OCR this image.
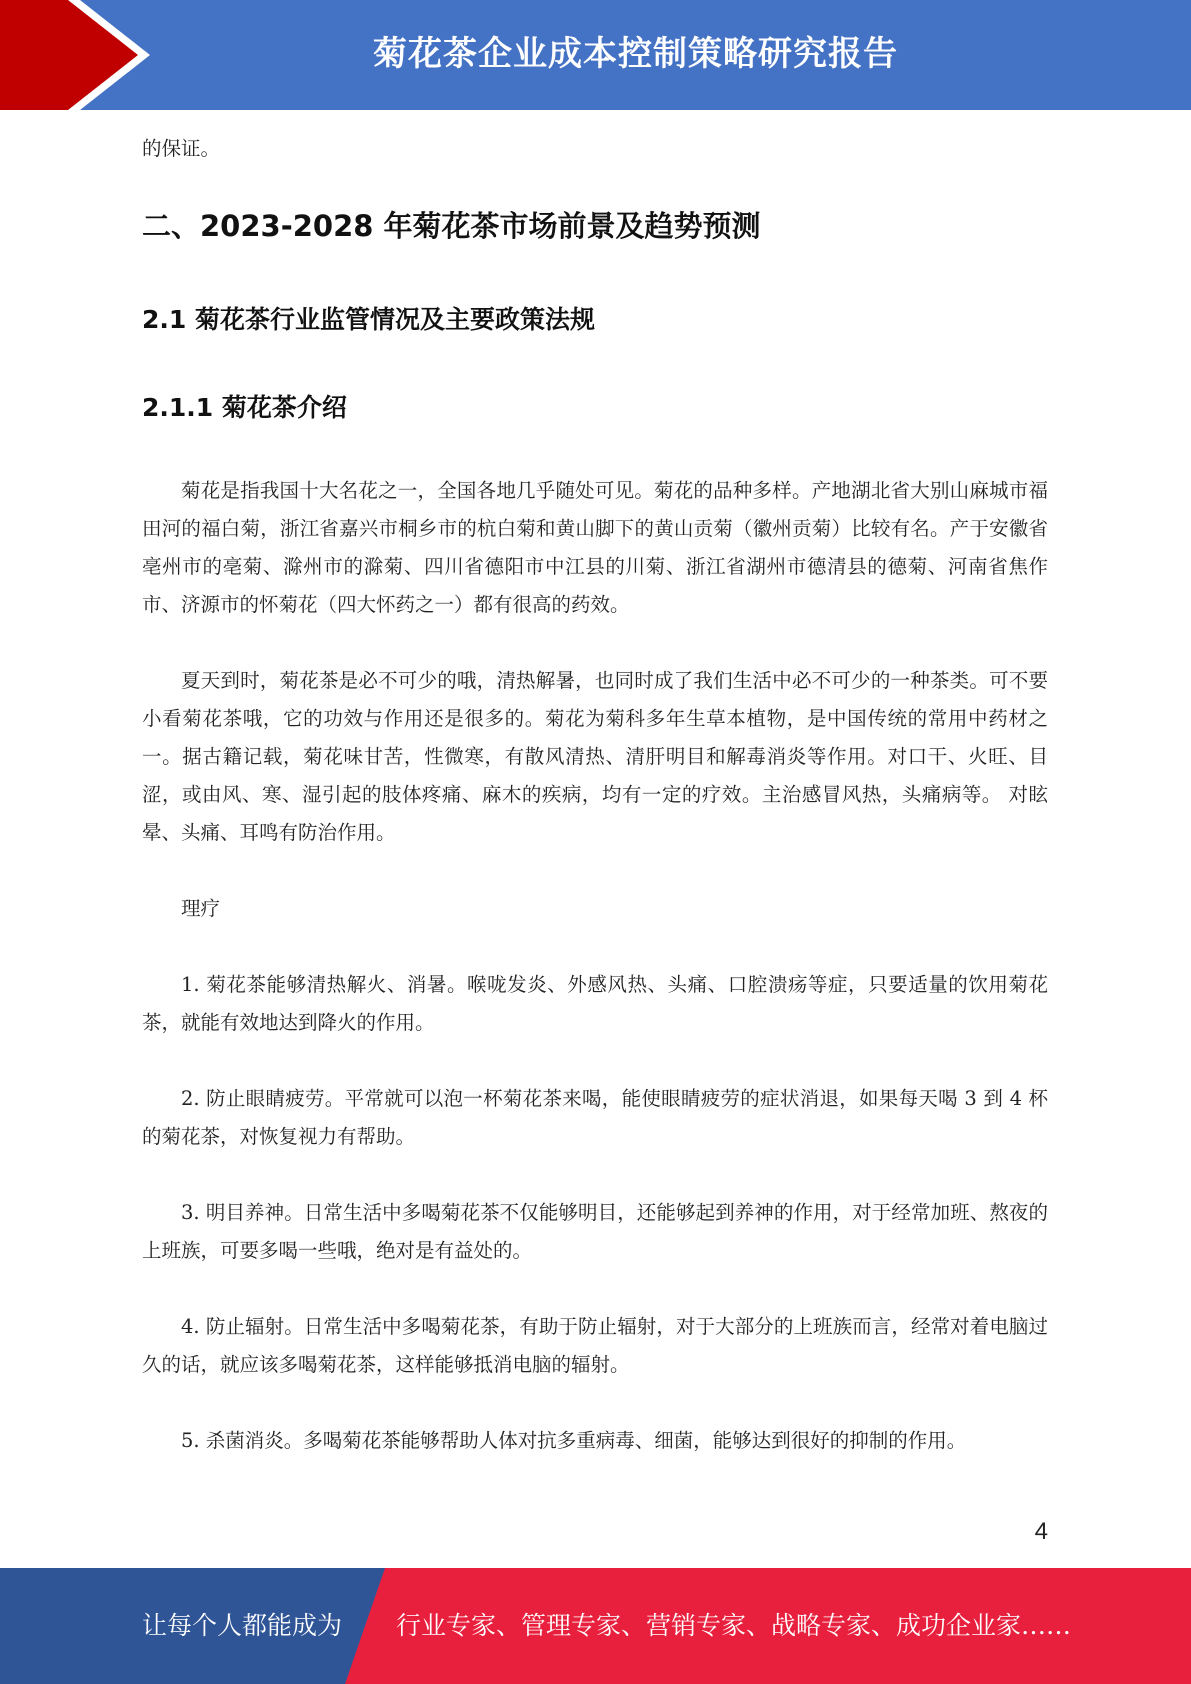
菊花茶企业成本控制策略研究报告

的保证。

二、2023-2028 年菊花茶市场前景及趋势预测
2.1 菊花茶行业监管情况及主要政策法规
2.1.1 菊花茶介绍

菊花是指我国十大名花之一，全国各地几乎随处可见。菊花的品种多样。产地湖北省大别山麻城市福田河的福白菊，浙江省嘉兴市桐乡市的杭白菊和黄山脚下的黄山贡菊（徽州贡菊）比较有名。产于安徽省亳州市的亳菊、滁州市的滁菊、四川省德阳市中江县的川菊、浙江省湖州市德清县的德菊、河南省焦作市、济源市的怀菊花（四大怀药之一）都有很高的药效。

夏天到时，菊花茶是必不可少的哦，清热解暑，也同时成了我们生活中必不可少的一种茶类。可不要小看菊花茶哦，它的功效与作用还是很多的。菊花为菊科多年生草本植物，是中国传统的常用中药材之一。据古籍记载，菊花味甘苦，性微寒，有散风清热、清肝明目和解毒消炎等作用。对口干、火旺、目涩，或由风、寒、湿引起的肢体疼痛、麻木的疾病，均有一定的疗效。主治感冒风热，头痛病等。 对眩晕、头痛、耳鸣有防治作用。

理疗

1. 菊花茶能够清热解火、消暑。喉咙发炎、外感风热、头痛、口腔溃疡等症，只要适量的饮用菊花茶，就能有效地达到降火的作用。

2. 防止眼睛疲劳。平常就可以泡一杯菊花茶来喝，能使眼睛疲劳的症状消退，如果每天喝 3 到 4 杯的菊花茶，对恢复视力有帮助。

3. 明目养神。日常生活中多喝菊花茶不仅能够明目，还能够起到养神的作用，对于经常加班、熬夜的上班族，可要多喝一些哦，绝对是有益处的。

4. 防止辐射。日常生活中多喝菊花茶，有助于防止辐射，对于大部分的上班族而言，经常对着电脑过久的话，就应该多喝菊花茶，这样能够抵消电脑的辐射。

5. 杀菌消炎。多喝菊花茶能够帮助人体对抗多重病毒、细菌，能够达到很好的抑制的作用。

4
让每个人都能成为 行业专家、管理专家、营销专家、战略专家、成功企业家……
